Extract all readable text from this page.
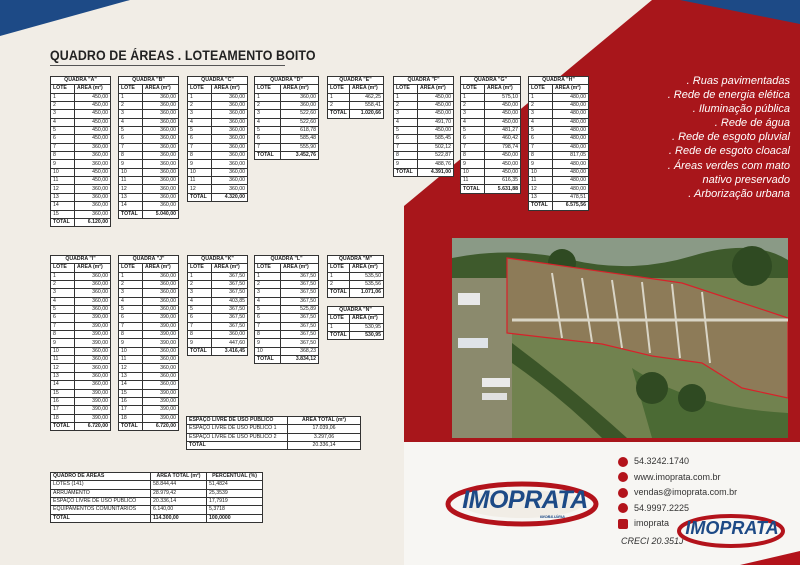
QUADRO DE ÁREAS . LOTEAMENTO BOITO
QUADRA "A"	
LOTE	ÁREA (m²)
1	450,00
2	450,00
3	450,00
4	450,00
5	450,00
6	450,00
7	360,00
8	360,00
9	360,00
10	450,00
11	450,00
12	360,00
13	360,00
14	360,00
15	360,00
TOTAL	6.120,00
QUADRA "B"	
LOTE	ÁREA (m²)
1	360,00
2	360,00
3	360,00
4	360,00
5	360,00
6	360,00
7	360,00
8	360,00
9	360,00
10	360,00
11	360,00
12	360,00
13	360,00
14	360,00
TOTAL	5.040,00
QUADRA "C"	
LOTE	ÁREA (m²)
1	360,00
2	360,00
3	360,00
4	360,00
5	360,00
6	360,00
7	360,00
8	360,00
9	360,00
10	360,00
11	360,00
12	360,00
TOTAL	4.320,00
QUADRA "D"	
LOTE	ÁREA (m²)
1	360,00
2	360,00
3	522,60
4	522,60
5	618,78
6	585,48
7	555,90
TOTAL	3.452,76
QUADRA "E"	
LOTE	ÁREA (m²)
1	462,25
2	558,41
TOTAL	1.020,66
QUADRA "F"	
LOTE	ÁREA (m²)
1	450,00
2	450,00
3	450,00
4	491,70
5	450,00
6	585,45
7	502,12
8	522,87
9	488,76
TOTAL	4.391,00
QUADRA "G"	
LOTE	ÁREA (m²)
1	575,10
2	450,00
3	450,00
4	450,00
5	481,27
6	460,42
7	798,74
8	450,00
9	450,00
10	450,00
11	616,35
TOTAL	5.631,88
QUADRA "H"	
LOTE	ÁREA (m²)
1	480,00
2	480,00
3	480,00
4	480,00
5	480,00
6	480,00
7	480,00
8	817,05
9	480,00
10	480,00
11	480,00
12	480,00
13	478,51
TOTAL	6.575,56
QUADRA "I"	
LOTE	ÁREA (m²)
1	360,00
2	360,00
3	360,00
4	360,00
5	360,00
6	390,00
7	390,00
8	390,00
9	390,00
10	360,00
11	360,00
12	360,00
13	360,00
14	360,00
15	390,00
16	390,00
17	390,00
18	390,00
TOTAL	6.720,00
QUADRA "J"	
LOTE	ÁREA (m²)
1	360,00
2	360,00
3	360,00
4	360,00
5	360,00
6	390,00
7	390,00
8	390,00
9	390,00
10	360,00
11	360,00
12	360,00
13	360,00
14	360,00
15	390,00
16	390,00
17	390,00
18	390,00
TOTAL	6.720,00
QUADRA "K"	
LOTE	ÁREA (m²)
1	367,50
2	367,50
3	367,50
4	403,85
5	367,50
6	367,50
7	367,50
8	360,00
9	447,60
TOTAL	3.416,45
QUADRA "L"	
LOTE	ÁREA (m²)
1	367,50
2	367,50
3	367,50
4	367,50
5	525,89
6	367,50
7	367,50
8	367,50
9	367,50
10	368,23
TOTAL	3.834,12
QUADRA "M"	
LOTE	ÁREA (m²)
1	535,50
2	535,56
TOTAL	1.071,06
QUADRA "N"	
LOTE	ÁREA (m²)
1	530,95
TOTAL	530,95
ESPAÇO LIVRE DE USO PÚBLICO	ÁREA TOTAL (m²)
ESPAÇO LIVRE DE USO PÚBLICO 1	17.039,06
ESPAÇO LIVRE DE USO PÚBLICO 2	3.297,06
TOTAL	20.336,14
QUADRO DE ÁREAS	ÁREA TOTAL (m²)	PERCENTUAL (%)
LOTES (141)	58.844,44	51,4824
ARRUAMENTO	28.979,42	25,3539
ESPAÇO LIVRE DE USO PÚBLICO	20.336,14	17,7919
EQUIPAMENTOS COMUNITÁRIOS	6.140,00	5,3718
TOTAL	114.300,00	100,0000
. Ruas pavimentadas
. Rede de energia elética
. Iluminação pública
. Rede de água
. Rede de esgoto pluvial
. Rede de esgoto cloacal
. Áreas verdes com mato
nativo preservado
. Arborização urbana
54.3242.1740
www.imoprata.com.br
vendas@imoprata.com.br
54.9997.2225
imoprata
CRECI 20.351J
IMOPRATA
IMOBILIÁRIA
IMOPRATA
